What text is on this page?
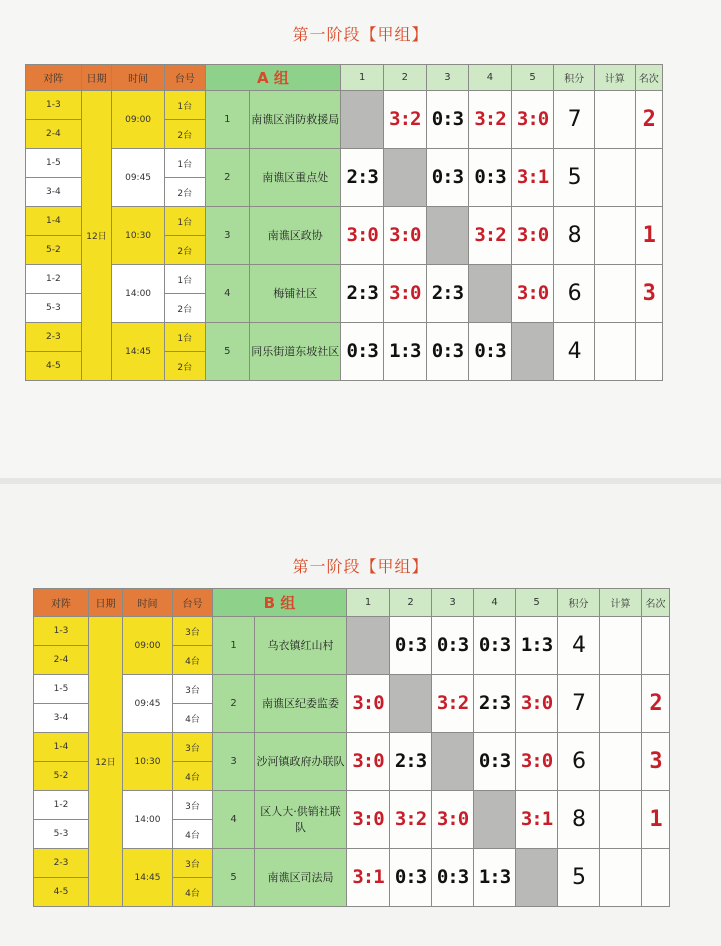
第一阶段【甲组】
对阵	日期	时间	台号	A 组		1	2	3	4	5	积分	计算	名次
1-3	12日	09:00	1台	1	南谯区消防救援局		3:2	0:3	3:2	3:0	7		2
2-4			2台										
1-5		09:45	1台	2	南谯区重点处	2:3		0:3	0:3	3:1	5		
3-4			2台										
1-4		10:30	1台	3	南谯区政协	3:0	3:0		3:2	3:0	8		1
5-2			2台										
1-2		14:00	1台	4	梅铺社区	2:3	3:0	2:3		3:0	6		3
5-3			2台										
2-3		14:45	1台	5	同乐街道东坡社区	0:3	1:3	0:3	0:3		4		
4-5			2台										
第一阶段【甲组】
对阵	日期	时间	台号	B 组		1	2	3	4	5	积分	计算	名次
1-3	12日	09:00	3台	1	乌衣镇红山村		0:3	0:3	0:3	1:3	4		
2-4			4台										
1-5		09:45	3台	2	南谯区纪委监委	3:0		3:2	2:3	3:0	7		2
3-4			4台										
1-4		10:30	3台	3	沙河镇政府办联队	3:0	2:3		0:3	3:0	6		3
5-2			4台										
1-2		14:00	3台	4	区人大·供销社联队	3:0	3:2	3:0		3:1	8		1
5-3			4台										
2-3		14:45	3台	5	南谯区司法局	3:1	0:3	0:3	1:3		5		
4-5			4台										
